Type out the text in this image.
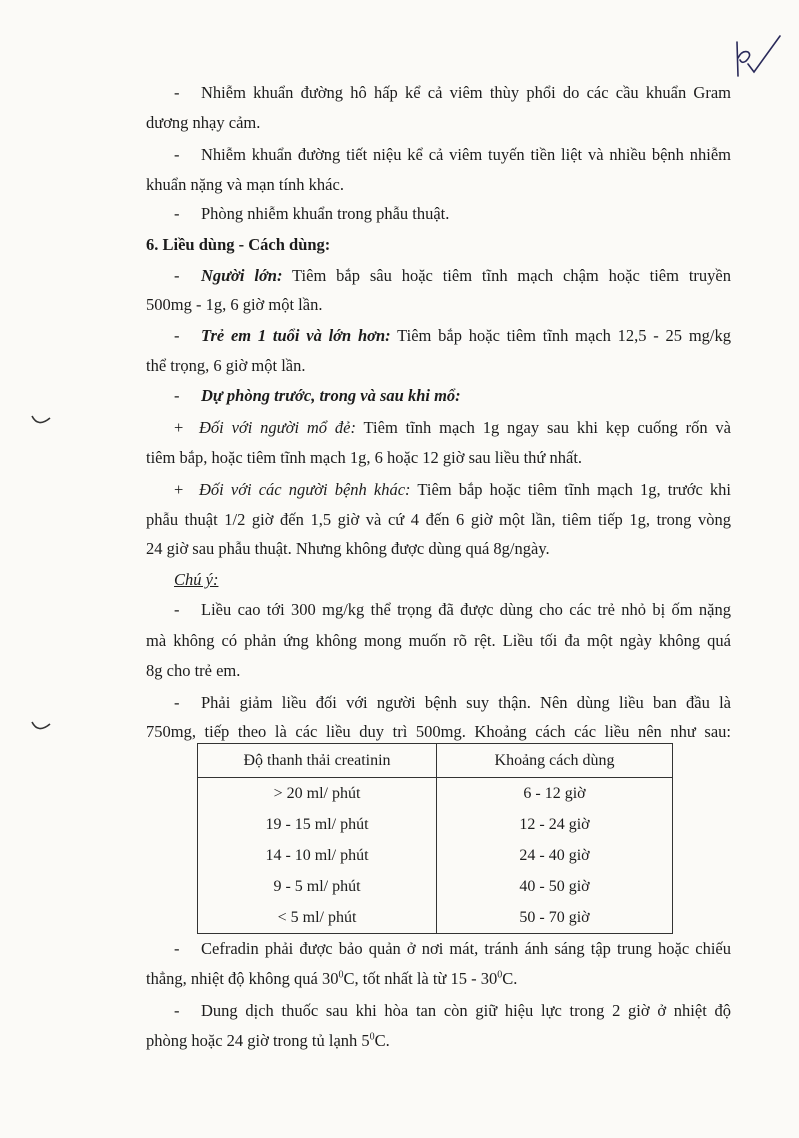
- Nhiễm khuẩn đường hô hấp kể cả viêm thùy phổi do các cầu khuẩn Gram
dương nhạy cảm.
- Nhiễm khuẩn đường tiết niệu kể cả viêm tuyến tiền liệt và nhiều bệnh nhiễm
khuẩn nặng và mạn tính khác.
- Phòng nhiễm khuẩn trong phẫu thuật.
6. Liều dùng - Cách dùng:
- Người lớn: Tiêm bắp sâu hoặc tiêm tĩnh mạch chậm hoặc tiêm truyền
500mg - 1g, 6 giờ một lần.
- Trẻ em 1 tuổi và lớn hơn: Tiêm bắp hoặc tiêm tĩnh mạch 12,5 - 25 mg/kg
thể trọng, 6 giờ một lần.
- Dự phòng trước, trong và sau khi mổ:
+ Đối với người mổ đẻ: Tiêm tĩnh mạch 1g ngay sau khi kẹp cuống rốn và
tiêm bắp, hoặc tiêm tĩnh mạch 1g, 6 hoặc 12 giờ sau liều thứ nhất.
+ Đối với các người bệnh khác: Tiêm bắp hoặc tiêm tĩnh mạch 1g, trước khi
phẫu thuật 1/2 giờ đến 1,5 giờ và cứ 4 đến 6 giờ một lần, tiêm tiếp 1g, trong vòng
24 giờ sau phẫu thuật. Nhưng không được dùng quá 8g/ngày.
Chú ý:
- Liều cao tới 300 mg/kg thể trọng đã được dùng cho các trẻ nhỏ bị ốm nặng
mà không có phản ứng không mong muốn rõ rệt. Liều tối đa một ngày không quá
8g cho trẻ em.
- Phải giảm liều đối với người bệnh suy thận. Nên dùng liều ban đầu là
750mg, tiếp theo là các liều duy trì 500mg. Khoảng cách các liều nên như sau:
Độ thanh thải creatinin	Khoảng cách dùng
> 20 ml/ phút	6 - 12 giờ
19 - 15 ml/ phút	12 - 24 giờ
14 - 10 ml/ phút	24 - 40 giờ
9 - 5 ml/ phút	40 - 50 giờ
< 5 ml/ phút	50 - 70 giờ
- Cefradin phải được bảo quản ở nơi mát, tránh ánh sáng tập trung hoặc chiếu
thẳng, nhiệt độ không quá $30^0C$, tốt nhất là từ $15 - 30^0C$.
- Dung dịch thuốc sau khi hòa tan còn giữ hiệu lực trong 2 giờ ở nhiệt độ
phòng hoặc 24 giờ trong tủ lạnh $5^0C$.
